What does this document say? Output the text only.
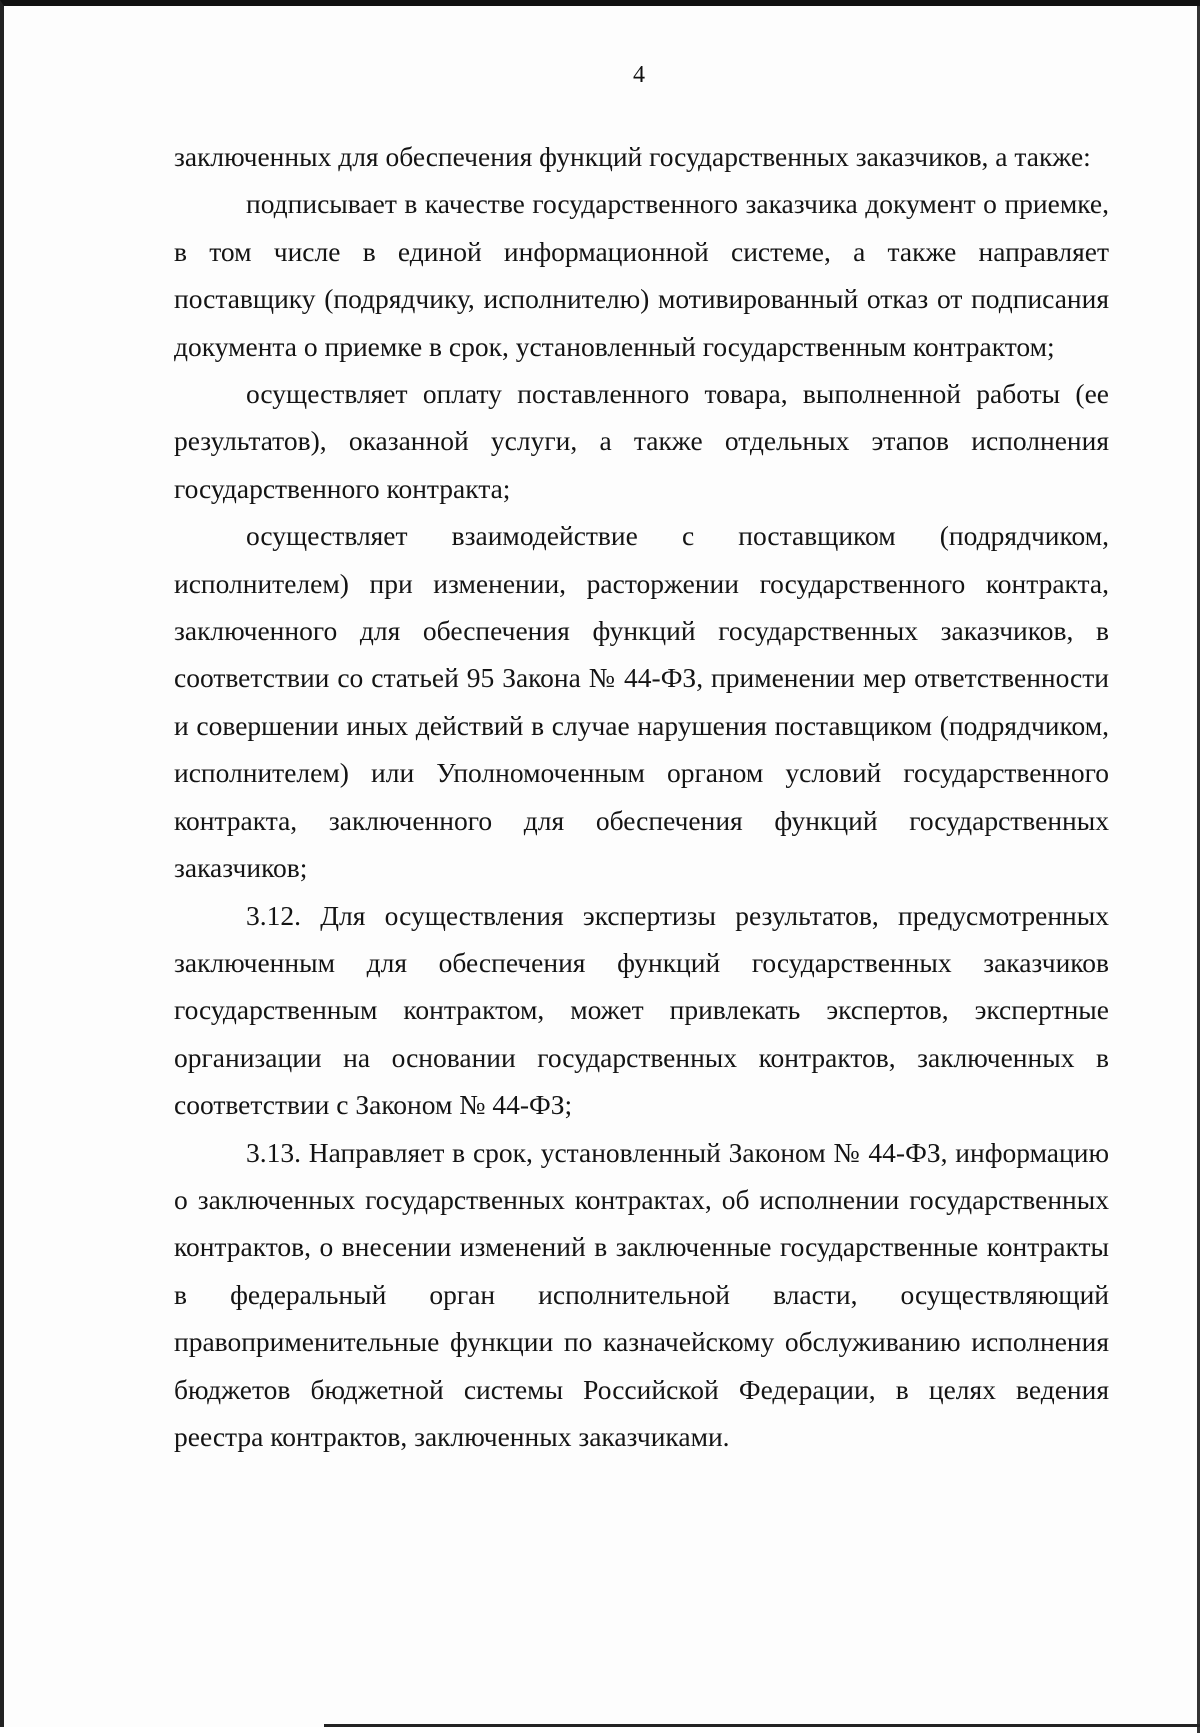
4

заключенных для обеспечения функций государственных заказчиков, а также:

подписывает в качестве государственного заказчика документ о приемке, в том числе в единой информационной системе, а также направляет поставщику (подрядчику, исполнителю) мотивированный отказ от подписания документа о приемке в срок, установленный государственным контрактом;

осуществляет оплату поставленного товара, выполненной работы (ее результатов), оказанной услуги, а также отдельных этапов исполнения государственного контракта;

осуществляет взаимодействие с поставщиком (подрядчиком, исполнителем) при изменении, расторжении государственного контракта, заключенного для обеспечения функций государственных заказчиков, в соответствии со статьей 95 Закона № 44-ФЗ, применении мер ответственности и совершении иных действий в случае нарушения поставщиком (подрядчиком, исполнителем) или Уполномоченным органом условий государственного контракта, заключенного для обеспечения функций государственных заказчиков;

3.12. Для осуществления экспертизы результатов, предусмотренных заключенным для обеспечения функций государственных заказчиков государственным контрактом, может привлекать экспертов, экспертные организации на основании государственных контрактов, заключенных в соответствии с Законом № 44-ФЗ;

3.13. Направляет в срок, установленный Законом № 44-ФЗ, информацию о заключенных государственных контрактах, об исполнении государственных контрактов, о внесении изменений в заключенные государственные контракты в федеральный орган исполнительной власти, осуществляющий правоприменительные функции по казначейскому обслуживанию исполнения бюджетов бюджетной системы Российской Федерации, в целях ведения реестра контрактов, заключенных заказчиками.
